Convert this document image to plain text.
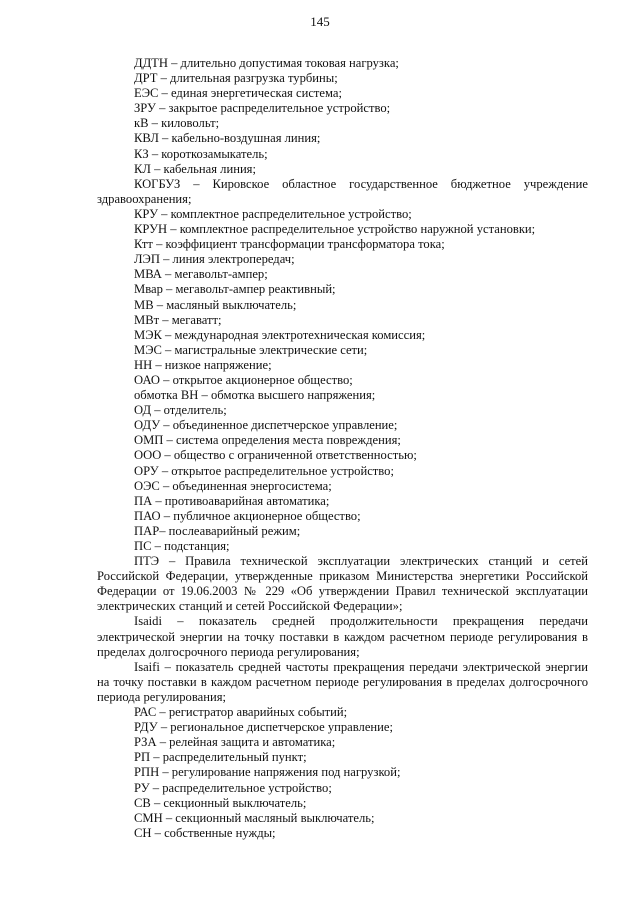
145

ДДТН – длительно допустимая токовая нагрузка;

ДРТ – длительная разгрузка турбины;

ЕЭС – единая энергетическая система;

ЗРУ – закрытое распределительное устройство;

кВ – киловольт;

КВЛ – кабельно-воздушная линия;

КЗ – короткозамыкатель;

КЛ – кабельная линия;

КОГБУЗ – Кировское областное государственное бюджетное учреждение здравоохранения;

КРУ – комплектное распределительное устройство;

КРУН – комплектное распределительное устройство наружной установки;

Ктт – коэффициент трансформации трансформатора тока;

ЛЭП – линия электропередач;

МВА – мегавольт-ампер;

Мвар – мегавольт-ампер реактивный;

МВ – масляный выключатель;

МВт – мегаватт;

МЭК – международная электротехническая комиссия;

МЭС – магистральные электрические сети;

НН – низкое напряжение;

ОАО – открытое акционерное общество;

обмотка ВН – обмотка высшего напряжения;

ОД – отделитель;

ОДУ – объединенное диспетчерское управление;

ОМП – система определения места повреждения;

ООО – общество с ограниченной ответственностью;

ОРУ – открытое распределительное устройство;

ОЭС – объединенная энергосистема;

ПА – противоаварийная автоматика;

ПАО – публичное акционерное общество;

ПАР– послеаварийный режим;

ПС – подстанция;

ПТЭ – Правила технической эксплуатации электрических станций и сетей Российской Федерации, утвержденные приказом Министерства энергетики Российской Федерации от 19.06.2003 № 229 «Об утверждении Правил технической эксплуатации электрических станций и сетей Российской Федерации»;

Isaidi – показатель средней продолжительности прекращения передачи электрической энергии на точку поставки в каждом расчетном периоде регулирования в пределах долгосрочного периода регулирования;

Isaifi – показатель средней частоты прекращения передачи электрической энергии на точку поставки в каждом расчетном периоде регулирования в пределах долгосрочного периода регулирования;

РАС – регистратор аварийных событий;

РДУ – региональное диспетчерское управление;

РЗА – релейная защита и автоматика;

РП – распределительный пункт;

РПН – регулирование напряжения под нагрузкой;

РУ – распределительное устройство;

СВ – секционный выключатель;

СМН – секционный масляный выключатель;

СН – собственные нужды;
